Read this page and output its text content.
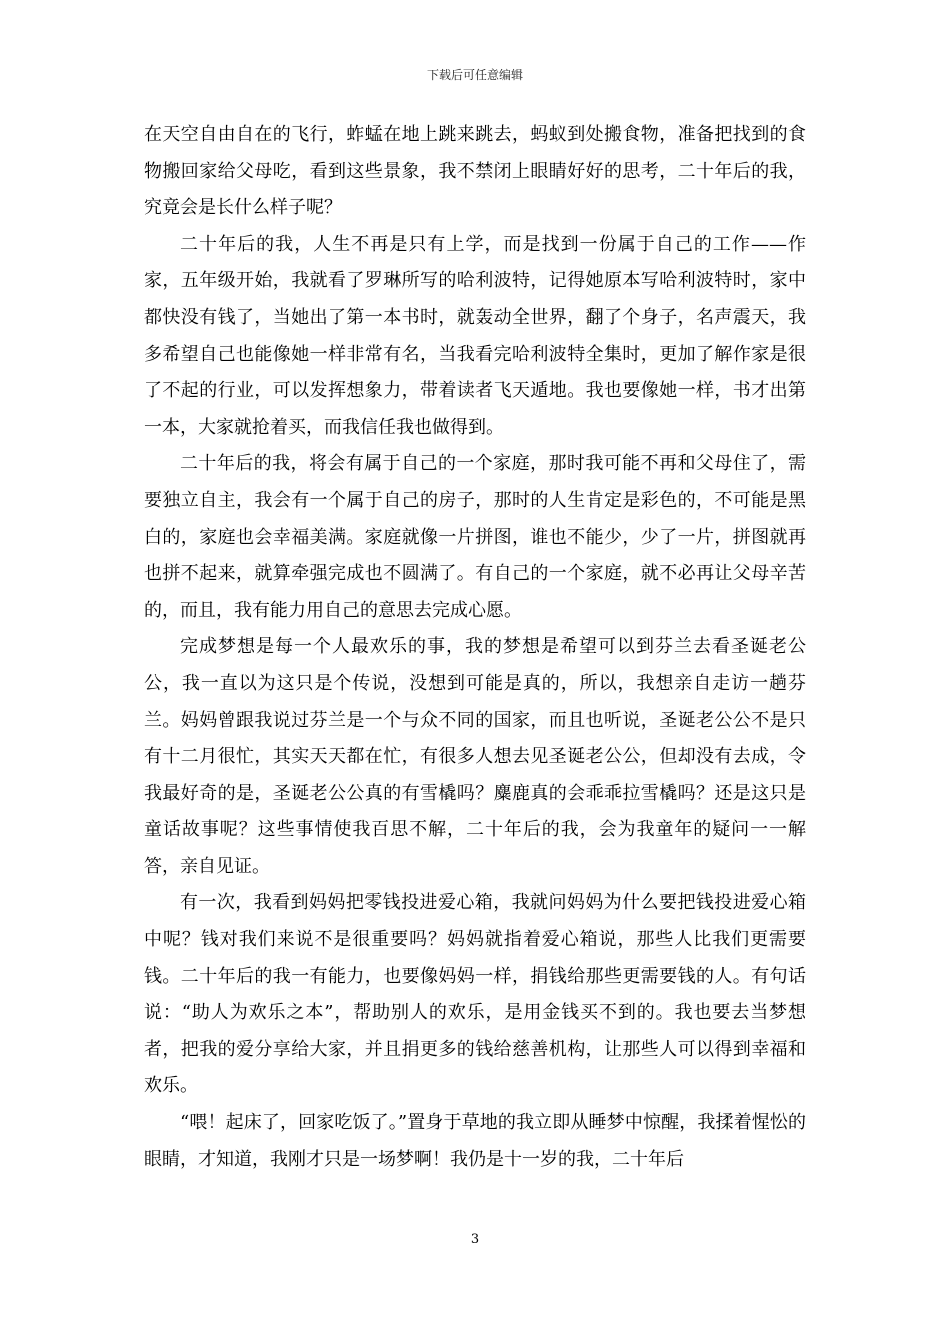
下载后可任意编辑

在天空自由自在的飞行，蚱蜢在地上跳来跳去，蚂蚁到处搬食物，准备把找到的食物搬回家给父母吃，看到这些景象，我不禁闭上眼睛好好的思考，二十年后的我，究竟会是长什么样子呢？

二十年后的我，人生不再是只有上学，而是找到一份属于自己的工作——作家，五年级开始，我就看了罗琳所写的哈利波特，记得她原本写哈利波特时，家中都快没有钱了，当她出了第一本书时，就轰动全世界，翻了个身子，名声震天，我多希望自己也能像她一样非常有名，当我看完哈利波特全集时，更加了解作家是很了不起的行业，可以发挥想象力，带着读者飞天遁地。我也要像她一样，书才出第一本，大家就抢着买，而我信任我也做得到。

二十年后的我，将会有属于自己的一个家庭，那时我可能不再和父母住了，需要独立自主，我会有一个属于自己的房子，那时的人生肯定是彩色的，不可能是黑白的，家庭也会幸福美满。家庭就像一片拼图，谁也不能少，少了一片，拼图就再也拼不起来，就算牵强完成也不圆满了。有自己的一个家庭，就不必再让父母辛苦的，而且，我有能力用自己的意思去完成心愿。

完成梦想是每一个人最欢乐的事，我的梦想是希望可以到芬兰去看圣诞老公公，我一直以为这只是个传说，没想到可能是真的，所以，我想亲自走访一趟芬兰。妈妈曾跟我说过芬兰是一个与众不同的国家，而且也听说，圣诞老公公不是只有十二月很忙，其实天天都在忙，有很多人想去见圣诞老公公，但却没有去成，令我最好奇的是，圣诞老公公真的有雪橇吗？麋鹿真的会乖乖拉雪橇吗？还是这只是童话故事呢？这些事情使我百思不解，二十年后的我，会为我童年的疑问一一解答，亲自见证。

有一次，我看到妈妈把零钱投进爱心箱，我就问妈妈为什么要把钱投进爱心箱中呢？钱对我们来说不是很重要吗？妈妈就指着爱心箱说，那些人比我们更需要钱。二十年后的我一有能力，也要像妈妈一样，捐钱给那些更需要钱的人。有句话说：“助人为欢乐之本”，帮助别人的欢乐，是用金钱买不到的。我也要去当梦想者，把我的爱分享给大家，并且捐更多的钱给慈善机构，让那些人可以得到幸福和欢乐。

“喂！起床了，回家吃饭了。”置身于草地的我立即从睡梦中惊醒，我揉着惺忪的眼睛，才知道，我刚才只是一场梦啊！我仍是十一岁的我，二十年后

3
